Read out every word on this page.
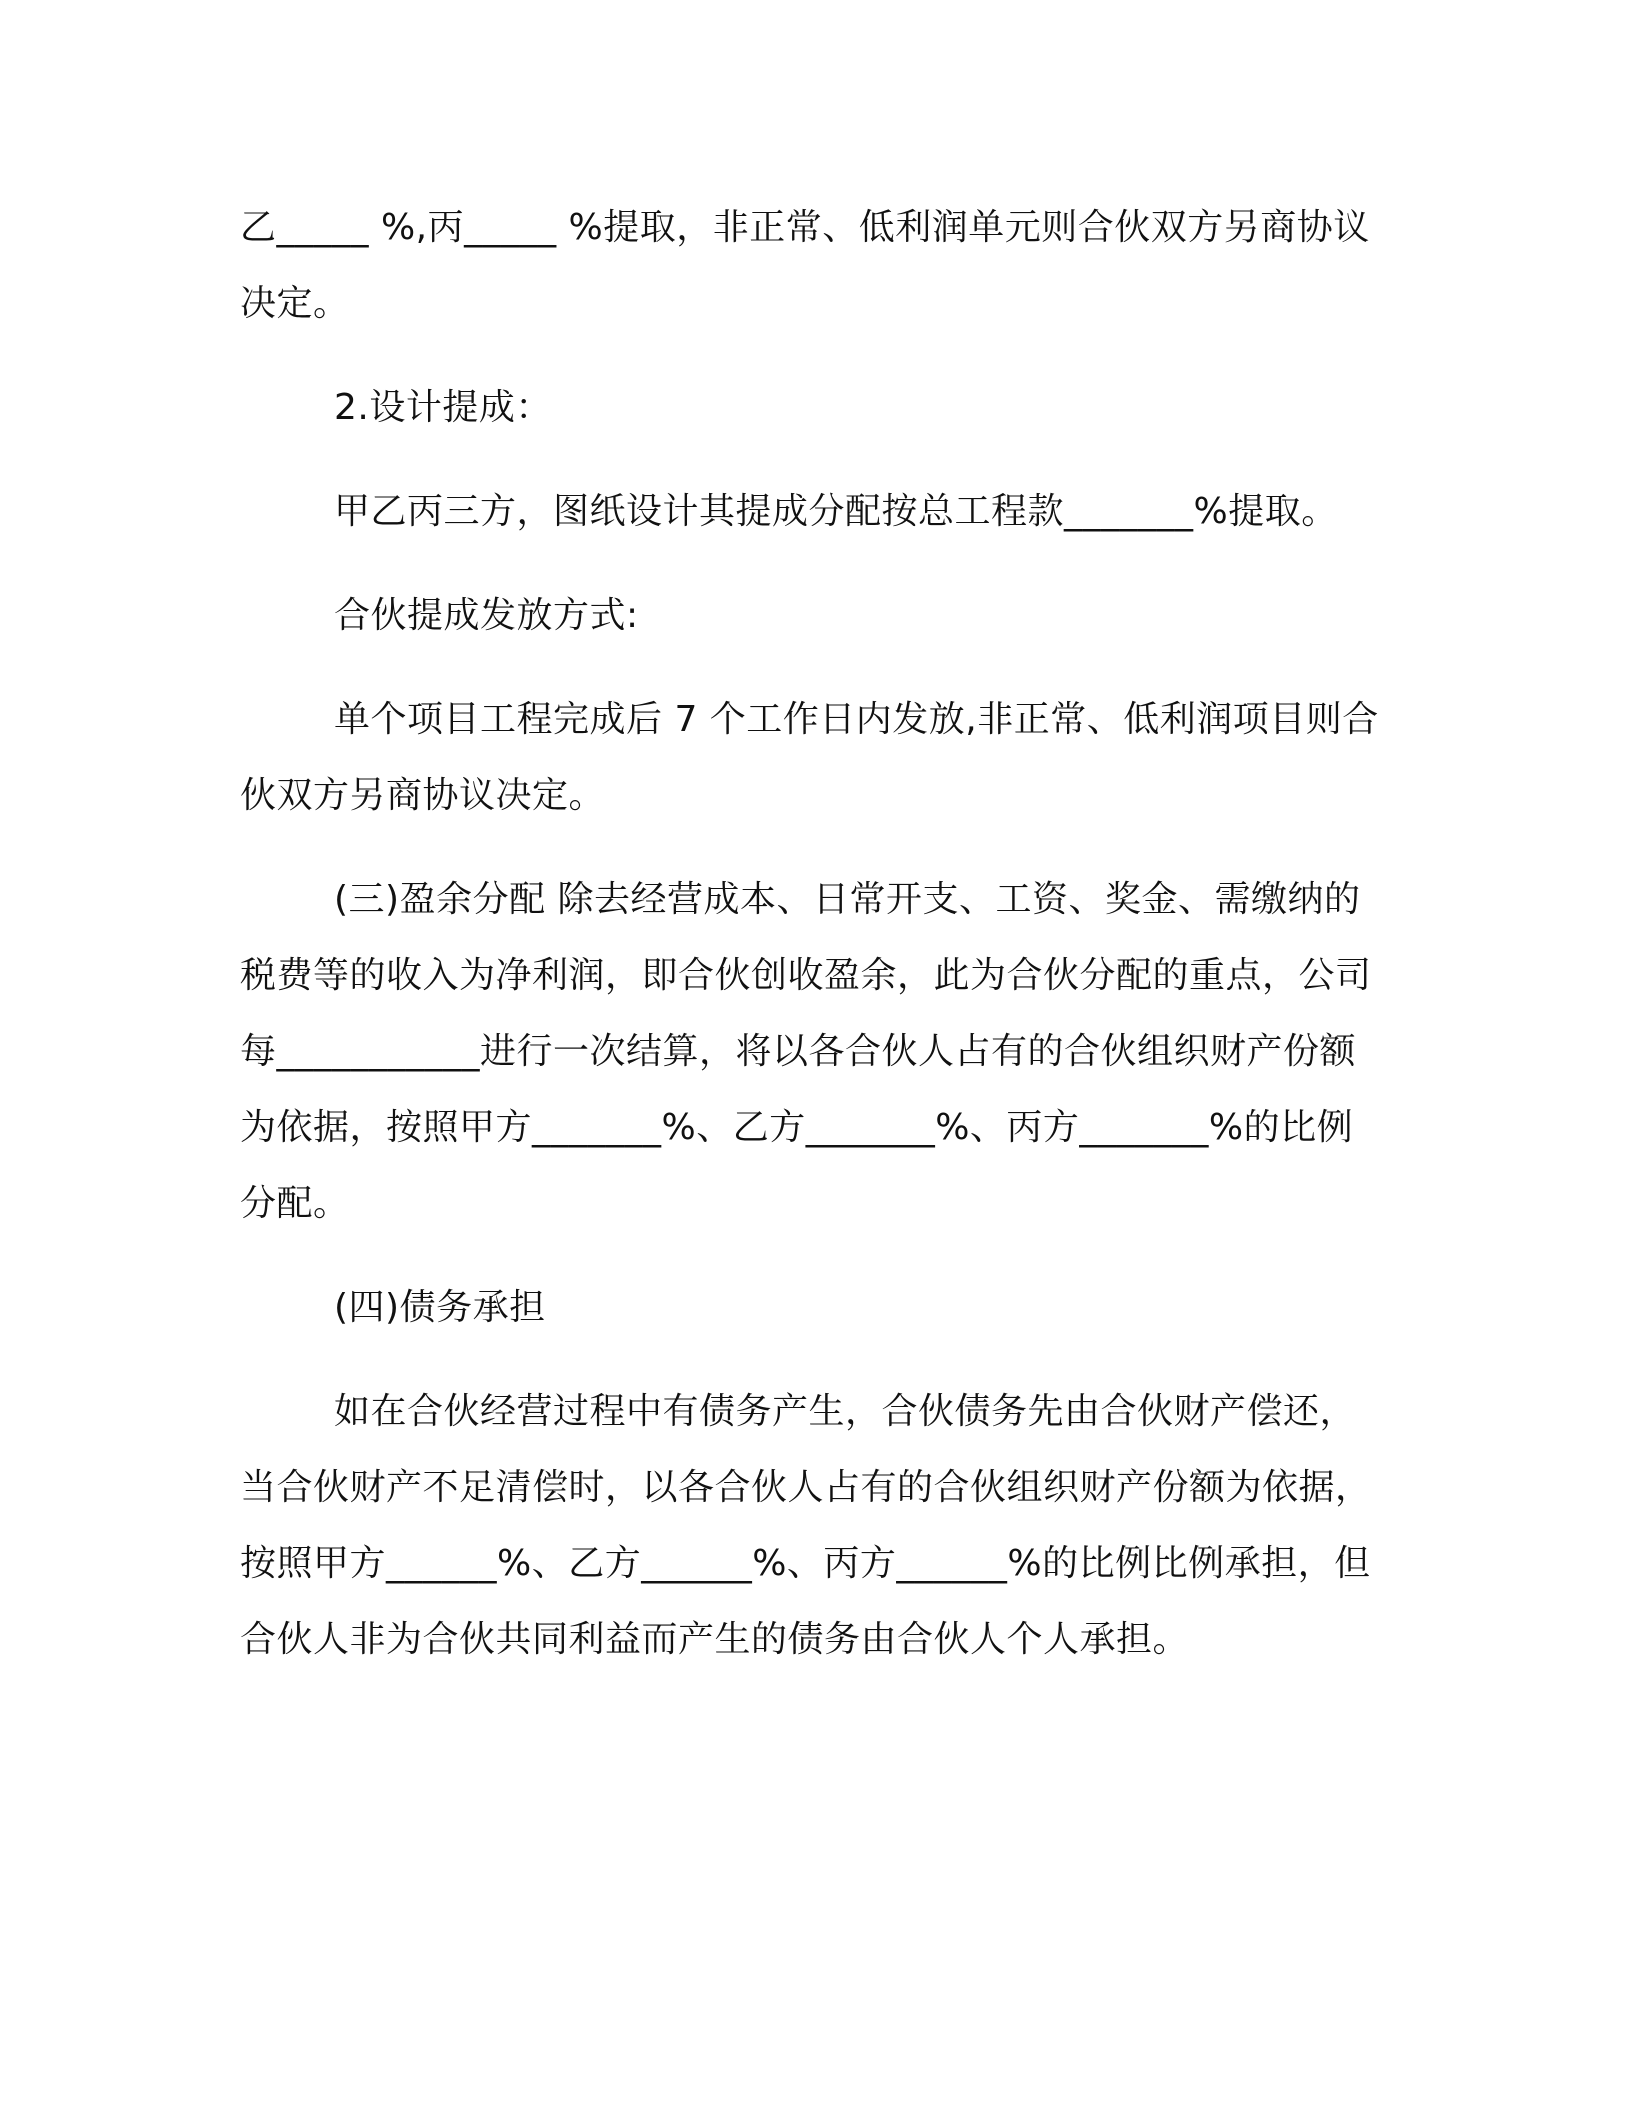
乙_____ %,丙_____ %提取，非正常、低利润单元则合伙双方另商协议决定。

2.设计提成：

甲乙丙三方，图纸设计其提成分配按总工程款_______%提取。

合伙提成发放方式:

单个项目工程完成后 7 个工作日内发放,非正常、低利润项目则合伙双方另商协议决定。

(三)盈余分配 除去经营成本、日常开支、工资、奖金、需缴纳的税费等的收入为净利润，即合伙创收盈余，此为合伙分配的重点，公司每___________进行一次结算，将以各合伙人占有的合伙组织财产份额为依据，按照甲方_______%、乙方_______%、丙方_______%的比例分配。

(四)债务承担

如在合伙经营过程中有债务产生，合伙债务先由合伙财产偿还，当合伙财产不足清偿时，以各合伙人占有的合伙组织财产份额为依据，按照甲方______%、乙方______%、丙方______%的比例比例承担，但合伙人非为合伙共同利益而产生的债务由合伙人个人承担。
